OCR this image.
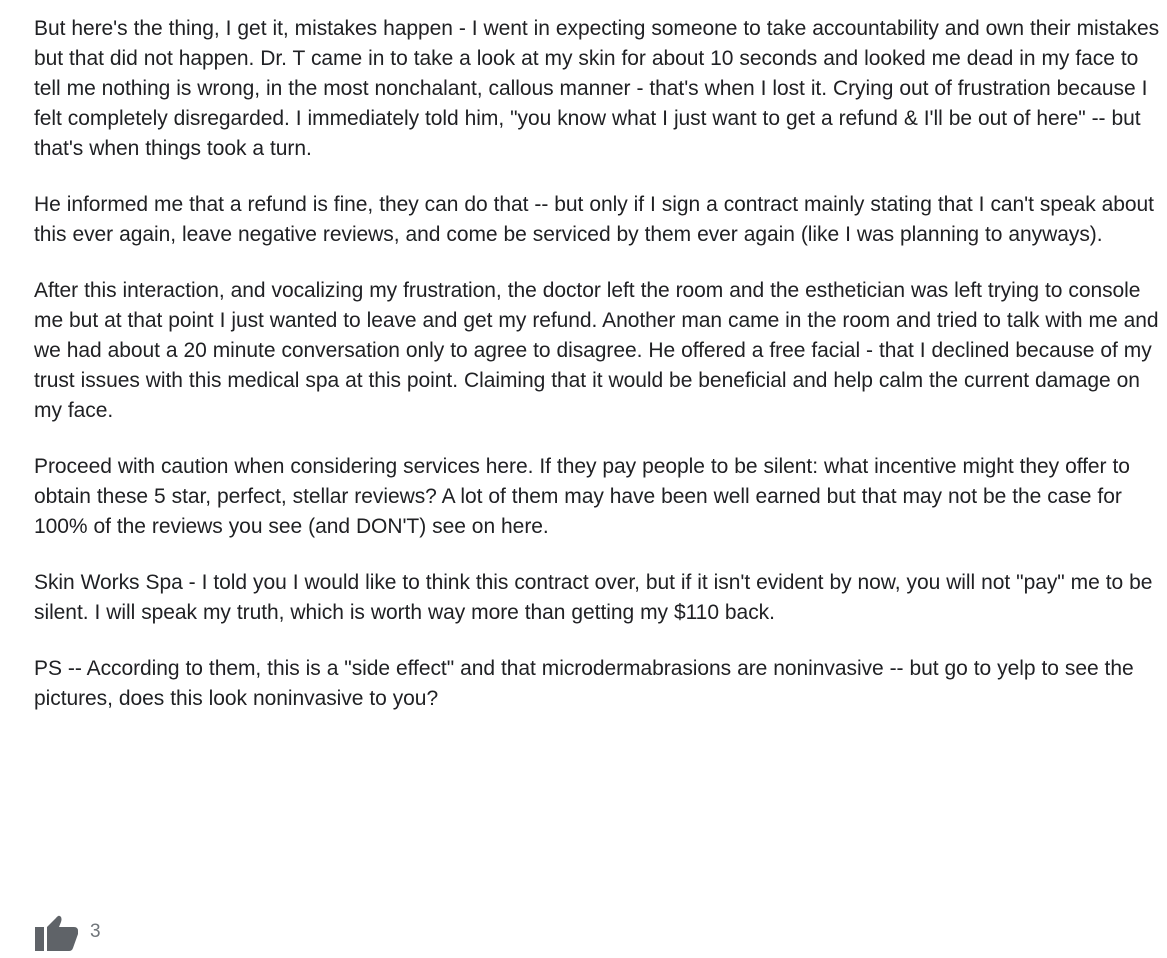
But here's the thing, I get it, mistakes happen - I went in expecting someone to take accountability and own their mistakes but that did not happen. Dr. T came in to take a look at my skin for about 10 seconds and looked me dead in my face to tell me nothing is wrong, in the most nonchalant, callous manner - that's when I lost it. Crying out of frustration because I felt completely disregarded. I immediately told him, "you know what I just want to get a refund & I'll be out of here" -- but that's when things took a turn.

He informed me that a refund is fine, they can do that -- but only if I sign a contract mainly stating that I can't speak about this ever again, leave negative reviews, and come be serviced by them ever again (like I was planning to anyways).

After this interaction, and vocalizing my frustration, the doctor left the room and the esthetician was left trying to console me but at that point I just wanted to leave and get my refund. Another man came in the room and tried to talk with me and we had about a 20 minute conversation only to agree to disagree. He offered a free facial - that I declined because of my trust issues with this medical spa at this point. Claiming that it would be beneficial and help calm the current damage on my face.

Proceed with caution when considering services here. If they pay people to be silent: what incentive might they offer to obtain these 5 star, perfect, stellar reviews? A lot of them may have been well earned but that may not be the case for 100% of the reviews you see (and DON'T) see on here.

Skin Works Spa - I told you I would like to think this contract over, but if it isn't evident by now, you will not "pay" me to be silent. I will speak my truth, which is worth way more than getting my $110 back.

PS -- According to them, this is a "side effect" and that microdermabrasions are noninvasive -- but go to yelp to see the pictures, does this look noninvasive to you?

3
